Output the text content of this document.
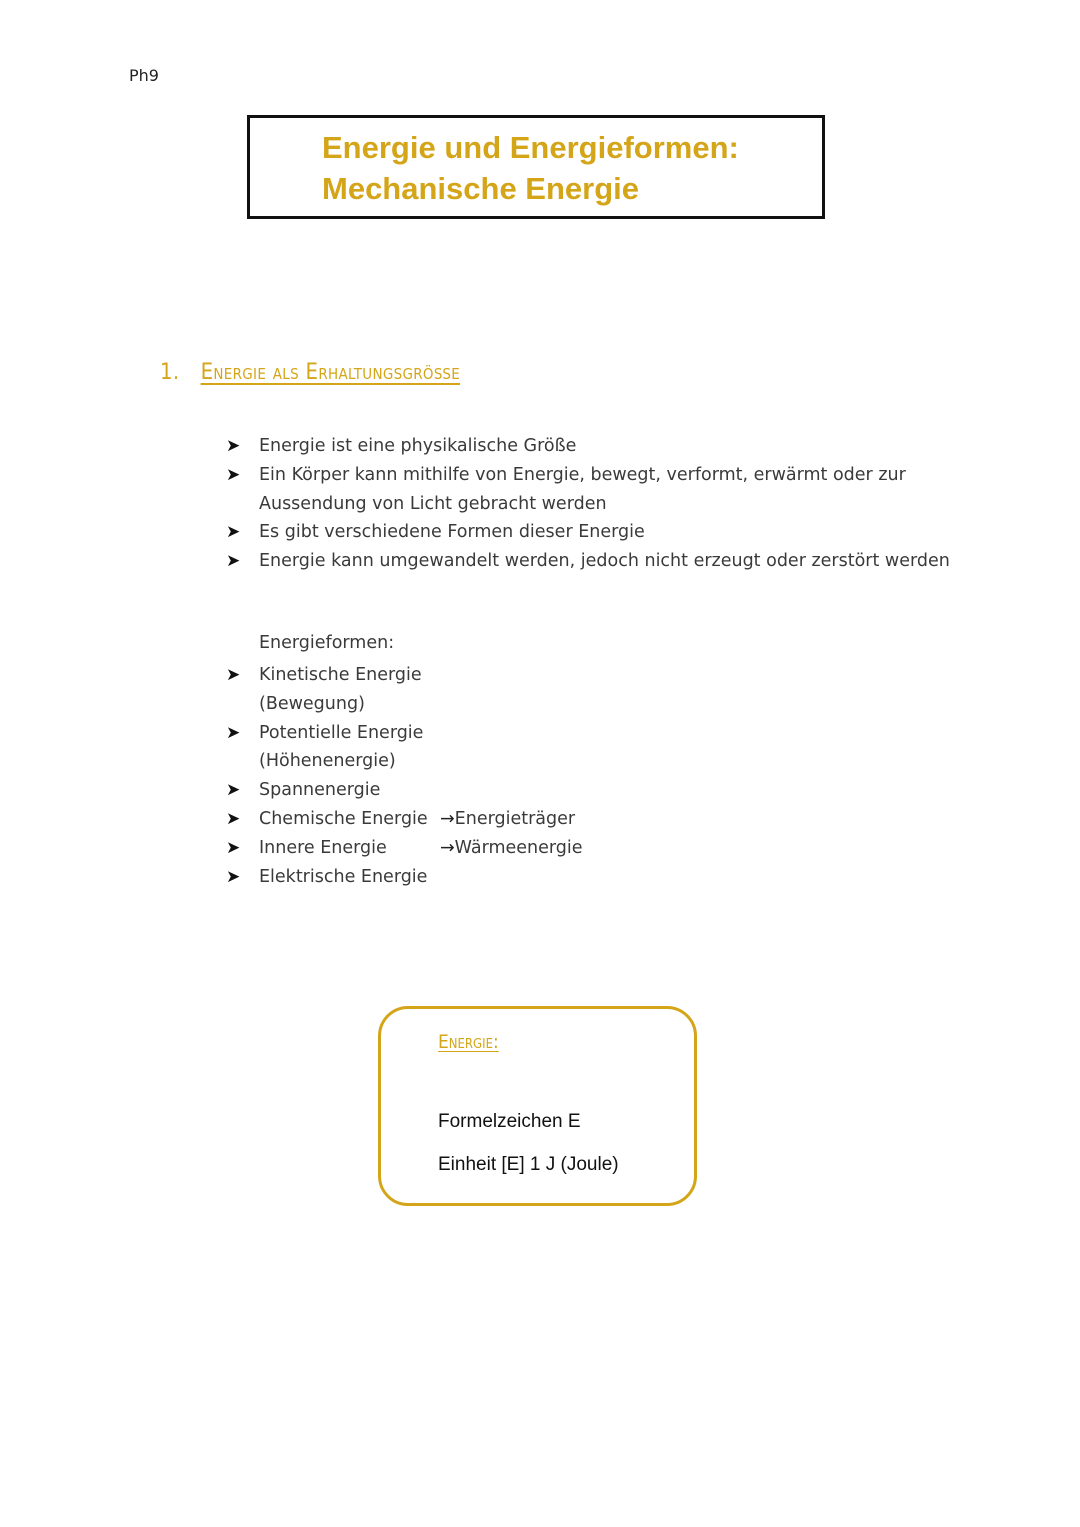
Ph9
Energie und Energieformen:
Mechanische Energie
1. Energie als Erhaltungsgröße
➤ Energie ist eine physikalische Größe
➤ Ein Körper kann mithilfe von Energie, bewegt, verformt, erwärmt oder zur Aussendung von Licht gebracht werden
➤ Es gibt verschiedene Formen dieser Energie
➤ Energie kann umgewandelt werden, jedoch nicht erzeugt oder zerstört werden
Energieformen:
➤ Kinetische Energie (Bewegung)
➤ Potentielle Energie (Höhenenergie)
➤ Spannenergie
➤ Chemische Energie →Energieträger
➤ Innere Energie	→Wärmeenergie
➤ Elektrische Energie
Energie:
Formelzeichen E
Einheit [E] 1 J (Joule)
